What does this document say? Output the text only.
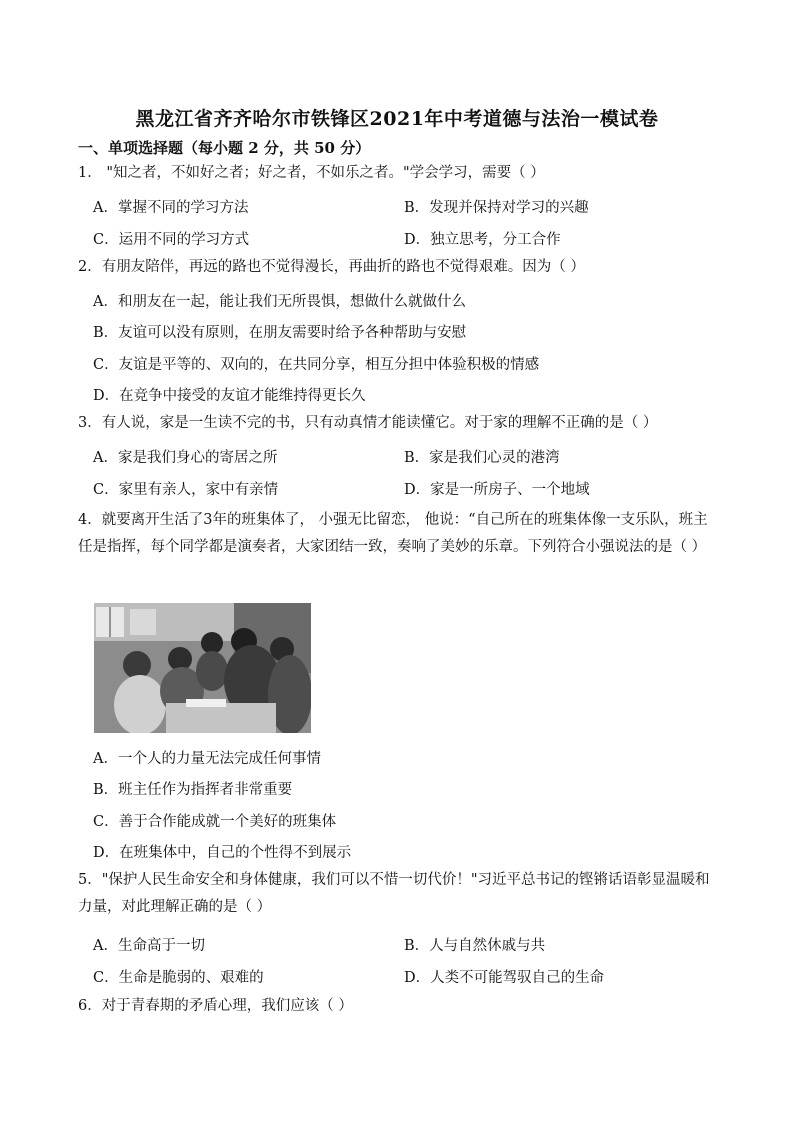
黑龙江省齐齐哈尔市铁锋区2021年中考道德与法治一模试卷
一、单项选择题（每小题 2 分，共 50 分）
1． "知之者，不如好之者；好之者，不如乐之者。"学会学习，需要（ ）
A．掌握不同的学习方法	B．发现并保持对学习的兴趣
C．运用不同的学习方式	D．独立思考，分工合作
2．有朋友陪伴，再远的路也不觉得漫长，再曲折的路也不觉得艰难。因为（ ）
A．和朋友在一起，能让我们无所畏惧，想做什么就做什么
B．友谊可以没有原则，在朋友需要时给予各种帮助与安慰
C．友谊是平等的、双向的，在共同分享，相互分担中体验积极的情感
D．在竞争中接受的友谊才能维持得更长久
3．有人说，家是一生读不完的书，只有动真情才能读懂它。对于家的理解不正确的是（ ）
A．家是我们身心的寄居之所	B．家是我们心灵的港湾
C．家里有亲人，家中有亲情	D．家是一所房子、一个地域
4．就要离开生活了3年的班集体了， 小强无比留恋， 他说：“自己所在的班集体像一支乐队，班主任是指挥，每个同学都是演奏者，大家团结一致，奏响了美妙的乐章。下列符合小强说法的是（ ）
A．一个人的力量无法完成任何事情
B．班主任作为指挥者非常重要
C．善于合作能成就一个美好的班集体
D．在班集体中，自己的个性得不到展示
5．"保护人民生命安全和身体健康，我们可以不惜一切代价！"习近平总书记的铿锵话语彰显温暖和力量，对此理解正确的是（ ）
A．生命高于一切	B．人与自然休戚与共
C．生命是脆弱的、艰难的	D．人类不可能驾驭自己的生命
6．对于青春期的矛盾心理，我们应该（ ）
